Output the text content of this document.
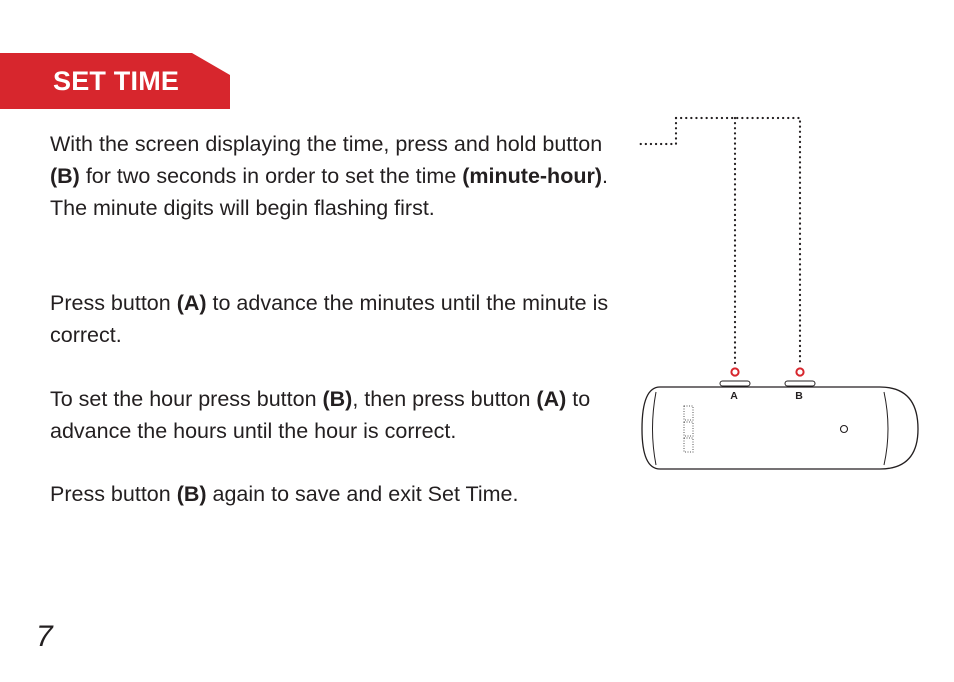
SET TIME

With the screen displaying the time, press and hold button (B) for two seconds in order to set the time (minute-hour). The minute digits will begin flashing first.

Press button (A) to advance the minutes until the minute is correct.

To set the hour press button (B), then press button (A) to advance the hours until the hour is correct.

Press button (B) again to save and exit Set Time.

A	B
7
